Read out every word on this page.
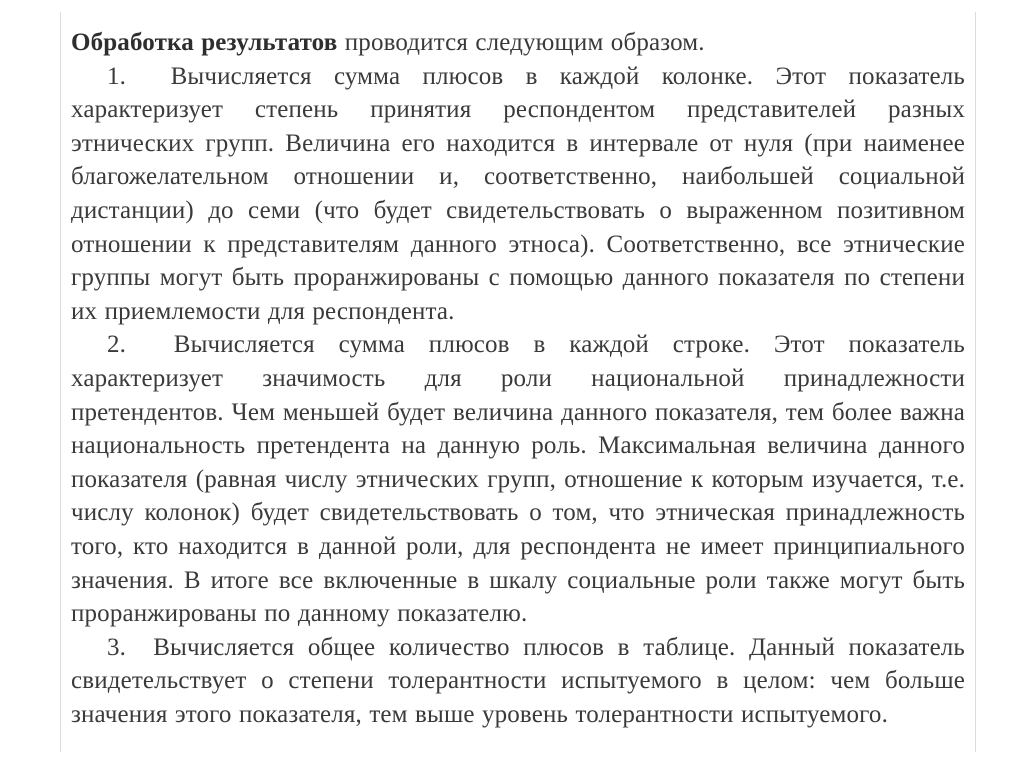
Обработка результатов проводится следующим образом.

1. Вычисляется сумма плюсов в каждой колонке. Этот показатель характеризует степень принятия респондентом представителей разных этнических групп. Величина его находится в интервале от нуля (при наименее благожелательном отношении и, соответственно, наибольшей социальной дистанции) до семи (что будет свидетельствовать о выраженном позитивном отношении к представителям данного этноса). Соответственно, все этнические группы могут быть проранжированы с помощью данного показателя по степени их приемлемости для респондента.

2. Вычисляется сумма плюсов в каждой строке. Этот показатель характеризует значимость для роли национальной принадлежности претендентов. Чем меньшей будет величина данного показателя, тем более важна национальность претендента на данную роль. Максимальная величина данного показателя (равная числу этнических групп, отношение к которым изучается, т.е. числу колонок) будет свидетельствовать о том, что этническая принадлежность того, кто находится в данной роли, для респондента не имеет принципиального значения. В итоге все включенные в шкалу социальные роли также могут быть проранжированы по данному показателю.

3. Вычисляется общее количество плюсов в таблице. Данный показатель свидетельствует о степени толерантности испытуемого в целом: чем больше значения этого показателя, тем выше уровень толерантности испытуемого.
